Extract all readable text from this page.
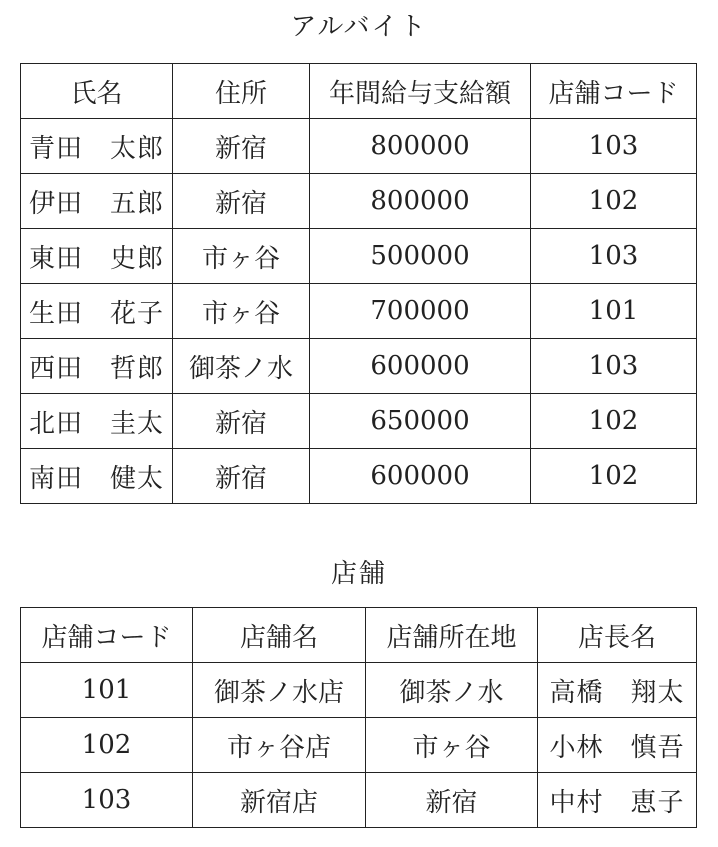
アルバイト
氏名	住所	年間給与支給額	店舗コード
青田　太郎	新宿	800000	103
伊田　五郎	新宿	800000	102
東田　史郎	市ヶ谷	500000	103
生田　花子	市ヶ谷	700000	101
西田　哲郎	御茶ノ水	600000	103
北田　圭太	新宿	650000	102
南田　健太	新宿	600000	102
店舗
店舗コード	店舗名	店舗所在地	店長名
101	御茶ノ水店	御茶ノ水	高橋　翔太
102	市ヶ谷店	市ヶ谷	小林　慎吾
103	新宿店	新宿	中村　恵子
